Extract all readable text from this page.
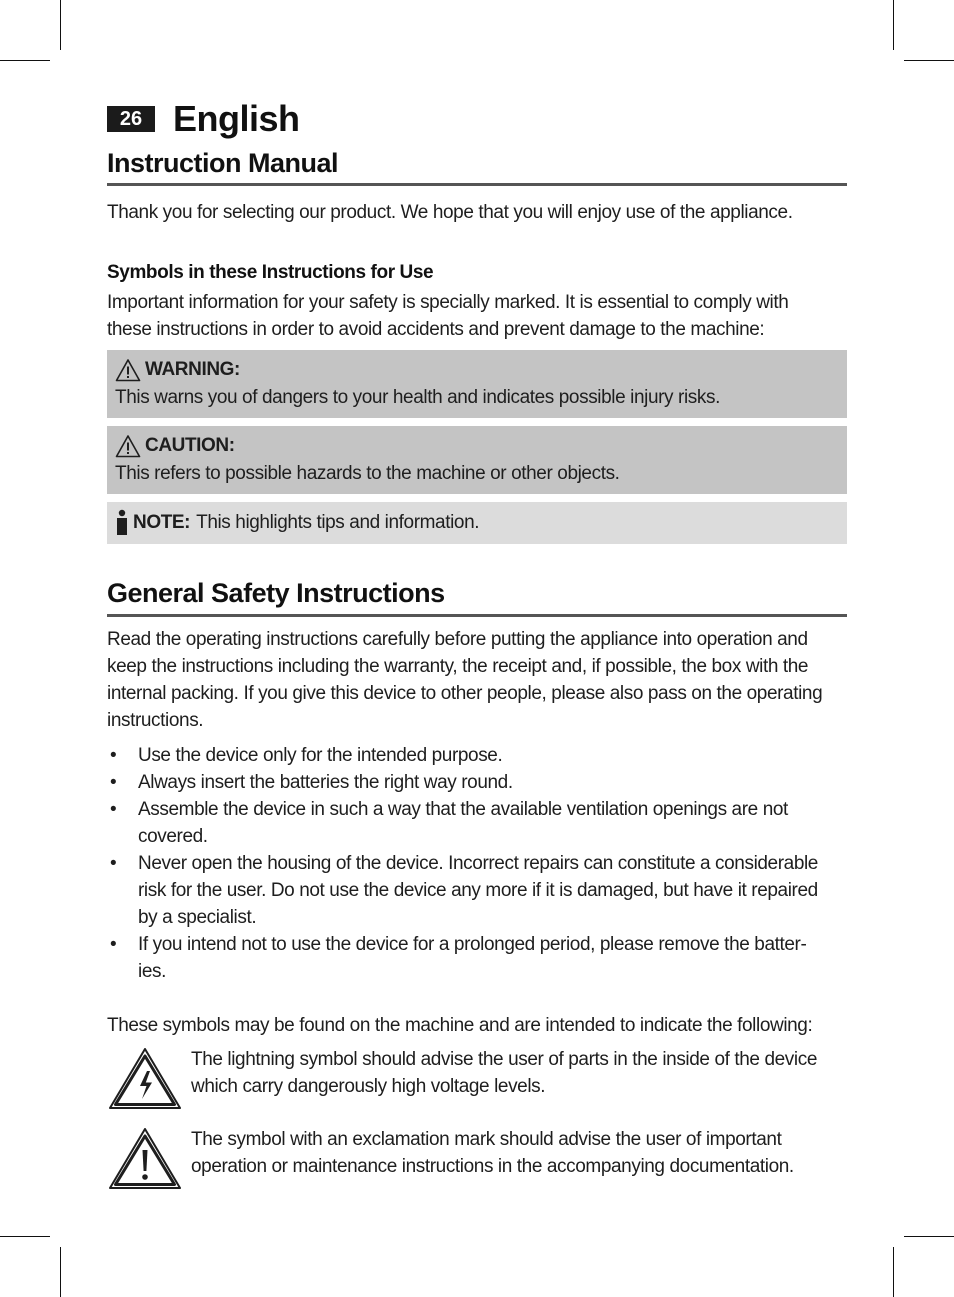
26 English
Instruction Manual

Thank you for selecting our product. We hope that you will enjoy use of the appliance.

Symbols in these Instructions for Use

Important information for your safety is specially marked. It is essential to comply with

these instructions in order to avoid accidents and prevent damage to the machine:

WARNING:
This warns you of dangers to your health and indicates possible injury risks.
CAUTION:
This refers to possible hazards to the machine or other objects.
NOTE: This highlights tips and information.
General Safety Instructions

Read the operating instructions carefully before putting the appliance into operation and

keep the instructions including the warranty, the receipt and, if possible, the box with the

internal packing. If you give this device to other people, please also pass on the operating

instructions.

• Use the device only for the intended purpose.
• Always insert the batteries the right way round.
• Assemble the device in such a way that the available ventilation openings are not
covered.
• Never open the housing of the device. Incorrect repairs can constitute a considerable
risk for the user. Do not use the device any more if it is damaged, but have it repaired
by a specialist.
• If you intend not to use the device for a prolonged period, please remove the batter-
ies.

These symbols may be found on the machine and are intended to indicate the following:

The lightning symbol should advise the user of parts in the inside of the device
which carry dangerously high voltage levels.
The symbol with an exclamation mark should advise the user of important
operation or maintenance instructions in the accompanying documentation.
